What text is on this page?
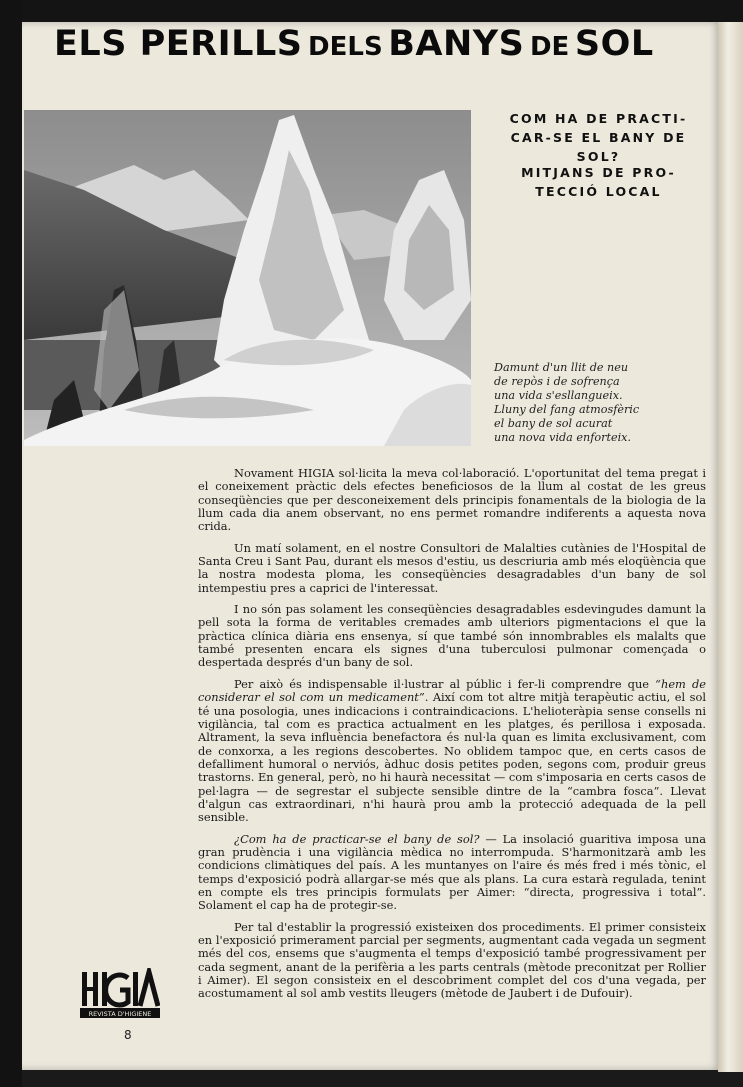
ELS PERILLS DELS BANYS DE SOL
COM HA DE PRACTI-
CAR-SE EL BANY DE SOL?
MITJANS DE PRO-
TECCIÓ LOCAL
Damunt d'un llit de neu
de repòs i de sofrença
una vida s'esllangueix.
Lluny del fang atmosfèric
el bany de sol acurat
una nova vida enforteix.

Novament HIGIA sol·licita la meva col·laboració. L'oportunitat del tema pregat i el coneixement pràctic dels efectes beneficiosos de la llum al costat de les greus conseqüències que per desconeixement dels principis fonamentals de la biologia de la llum cada dia anem observant, no ens permet romandre indiferents a aquesta nova crida.

Un matí solament, en el nostre Consultori de Malalties cutànies de l'Hospital de Santa Creu i Sant Pau, durant els mesos d'estiu, us descriuria amb més eloqüència que la nostra modesta ploma, les conseqüències desagradables d'un bany de sol intempestiu pres a caprici de l'interessat.

I no són pas solament les conseqüències desagradables esdevingudes damunt la pell sota la forma de veritables cremades amb ulteriors pigmentacions el que la pràctica clínica diària ens ensenya, sí que també són innombrables els malalts que també presenten encara els signes d'una tuberculosi pulmonar començada o despertada després d'un bany de sol.

Per això és indispensable il·lustrar al públic i fer-li comprendre que “hem de considerar el sol com un medicament”. Així com tot altre mitjà terapèutic actiu, el sol té una posologia, unes indicacions i contraindicacions. L'helioteràpia sense consells ni vigilància, tal com es practica actualment en les platges, és perillosa i exposada. Altrament, la seva influència benefactora és nul·la quan es limita exclusivament, com de conxorxa, a les regions descobertes. No oblidem tampoc que, en certs casos de defalliment humoral o nerviós, àdhuc dosis petites poden, segons com, produir greus trastorns. En general, però, no hi haurà necessitat — com s'imposaria en certs casos de pel·lagra — de segrestar el subjecte sensible dintre de la “cambra fosca”. Llevat d'algun cas extraordinari, n'hi haurà prou amb la protecció adequada de la pell sensible.

¿Com ha de practicar-se el bany de sol? — La insolació guaritiva imposa una gran prudència i una vigilància mèdica no interrompuda. S'harmonitzarà amb les condicions climàtiques del país. A les muntanyes on l'aire és més fred i més tònic, el temps d'exposició podrà allargar-se més que als plans. La cura estarà regulada, tenint en compte els tres principis formulats per Aimer: “directa, progressiva i total”. Solament el cap ha de protegir-se.

Per tal d'establir la progressió existeixen dos procediments. El primer consisteix en l'exposició primerament parcial per segments, augmentant cada vegada un segment més del cos, ensems que s'augmenta el temps d'exposició també progressivament per cada segment, anant de la perifèria a les parts centrals (mètode preconitzat per Rollier i Aimer). El segon consisteix en el descobriment complet del cos d'una vegada, per acostumament al sol amb vestits lleugers (mètode de Jaubert i de Dufouir).

REVISTA D'HIGIENE
8
